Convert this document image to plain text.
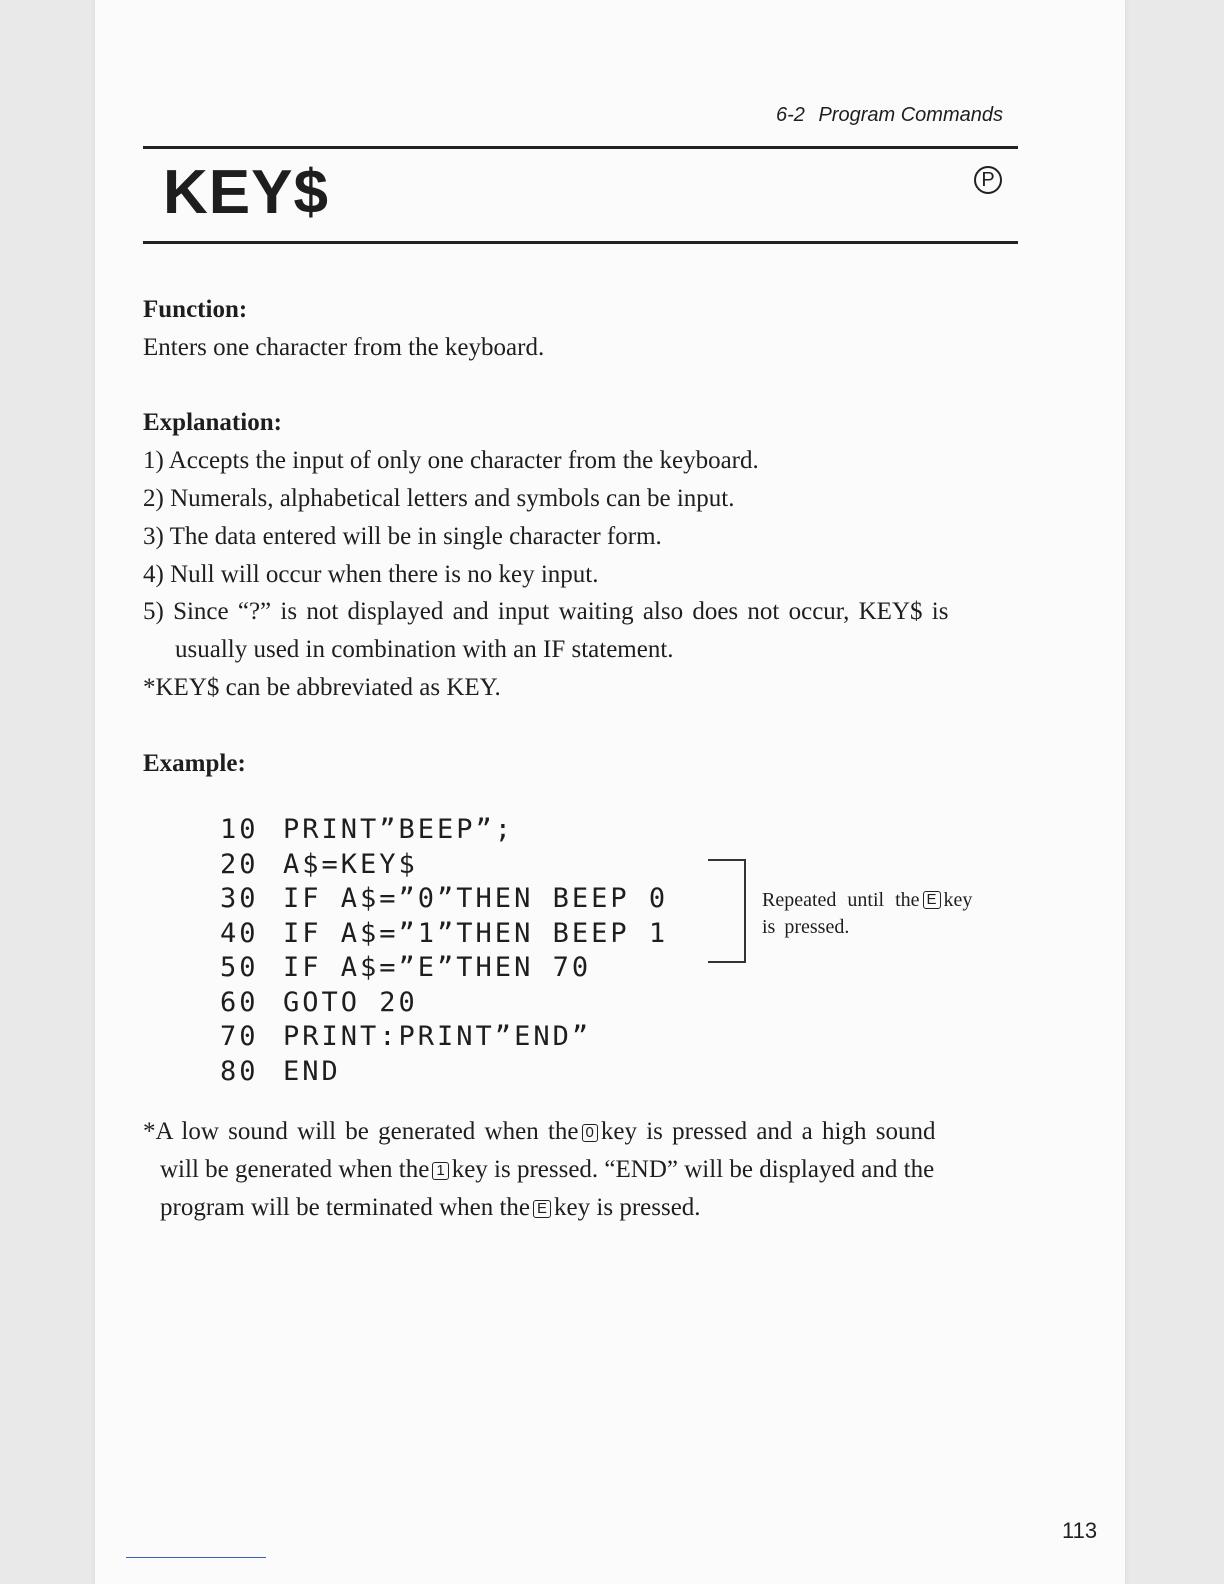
6-2 Program Commands
KEY$	P
Function:
Enters one character from the keyboard.
Explanation:
1) Accepts the input of only one character from the keyboard.
2) Numerals, alphabetical letters and symbols can be input.
3) The data entered will be in single character form.
4) Null will occur when there is no key input.
5) Since “?” is not displayed and input waiting also does not occur, KEY$ is
usually used in combination with an IF statement.
*KEY$ can be abbreviated as KEY.
Example:
10 PRINT”BEEP”;
20 A$=KEY$
30 IF A$=”0”THEN BEEP 0
40 IF A$=”1”THEN BEEP 1
50 IF A$=”E”THEN 70
60 GOTO 20
70 PRINT:PRINT”END”
80 END
Repeated until the E key
is pressed.
*A low sound will be generated when the 0 key is pressed and a high sound
will be generated when the 1 key is pressed. “END” will be displayed and the
program will be terminated when the E key is pressed.
113
